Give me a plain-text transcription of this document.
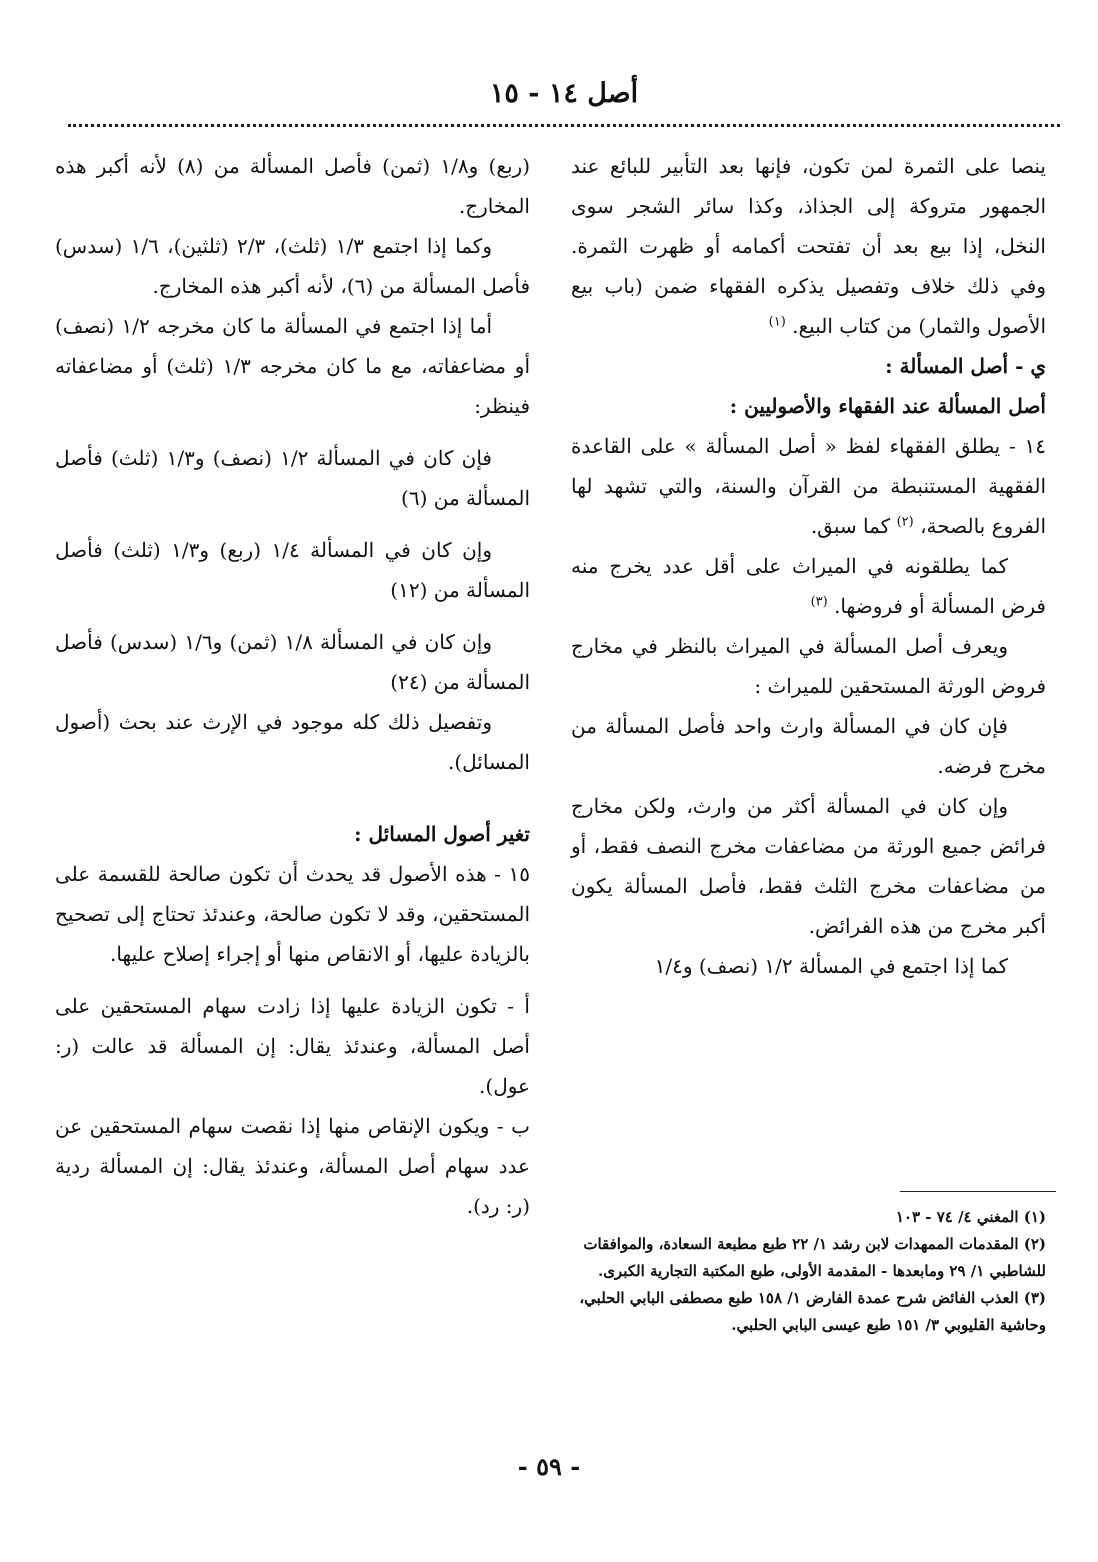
أصل ١٤ - ١٥

ينصا على الثمرة لمن تكون، فإنها بعد التأبير للبائع عند الجمهور متروكة إلى الجذاذ، وكذا سائر الشجر سوى النخل، إذا بيع بعد أن تفتحت أكمامه أو ظهرت الثمرة. وفي ذلك خلاف وتفصيل يذكره الفقهاء ضمن (باب بيع الأصول والثمار) من كتاب البيع. $^{(١)}$

ي - أصل المسألة :

أصل المسألة عند الفقهاء والأصوليين :

١٤ - يطلق الفقهاء لفظ « أصل المسألة » على القاعدة الفقهية المستنبطة من القرآن والسنة، والتي تشهد لها الفروع بالصحة، $^{(٢)}$ كما سبق.

كما يطلقونه في الميراث على أقل عدد يخرج منه فرض المسألة أو فروضها. $^{(٣)}$

ويعرف أصل المسألة في الميراث بالنظر في مخارج فروض الورثة المستحقين للميراث :

فإن كان في المسألة وارث واحد فأصل المسألة من مخرج فرضه.

وإن كان في المسألة أكثر من وارث، ولكن مخارج فرائض جميع الورثة من مضاعفات مخرج النصف فقط، أو من مضاعفات مخرج الثلث فقط، فأصل المسألة يكون أكبر مخرج من هذه الفرائض.

كما إذا اجتمع في المسألة ١/٢ (نصف) و١/٤

(ربع) و١/٨ (ثمن) فأصل المسألة من (٨) لأنه أكبر هذه المخارج.

وكما إذا اجتمع ١/٣ (ثلث)، ٢/٣ (ثلثين)، ١/٦ (سدس) فأصل المسألة من (٦)، لأنه أكبر هذه المخارج.

أما إذا اجتمع في المسألة ما كان مخرجه ١/٢ (نصف) أو مضاعفاته، مع ما كان مخرجه ١/٣ (ثلث) أو مضاعفاته فينظر:

فإن كان في المسألة ١/٢ (نصف) و١/٣ (ثلث) فأصل المسألة من (٦)

وإن كان في المسألة ١/٤ (ربع) و١/٣ (ثلث) فأصل المسألة من (١٢)

وإن كان في المسألة ١/٨ (ثمن) و١/٦ (سدس) فأصل المسألة من (٢٤)

وتفصيل ذلك كله موجود في الإرث عند بحث (أصول المسائل).

تغير أصول المسائل :

١٥ - هذه الأصول قد يحدث أن تكون صالحة للقسمة على المستحقين، وقد لا تكون صالحة، وعندئذ تحتاج إلى تصحيح بالزيادة عليها، أو الانقاص منها أو إجراء إصلاح عليها.

أ - تكون الزيادة عليها إذا زادت سهام المستحقين على أصل المسألة، وعندئذ يقال: إن المسألة قد عالت (ر: عول).

ب - ويكون الإنقاص منها إذا نقصت سهام المستحقين عن عدد سهام أصل المسألة، وعندئذ يقال: إن المسألة ردية (ر: رد).	(١) المغني ٤/ ٧٤ - ١٠٣

(٢) المقدمات الممهدات لابن رشد ١/ ٢٢ طبع مطبعة السعادة، والموافقات للشاطبي ١/ ٢٩ ومابعدها - المقدمة الأولى، طبع المكتبة التجارية الكبرى.

(٣) العذب الفائض شرح عمدة الفارض ١/ ١٥٨ طبع مصطفى البابي الحلبي، وحاشية القليوبي ٣/ ١٥١ طبع عيسى البابي الحلبي.

- ٥٩ -
